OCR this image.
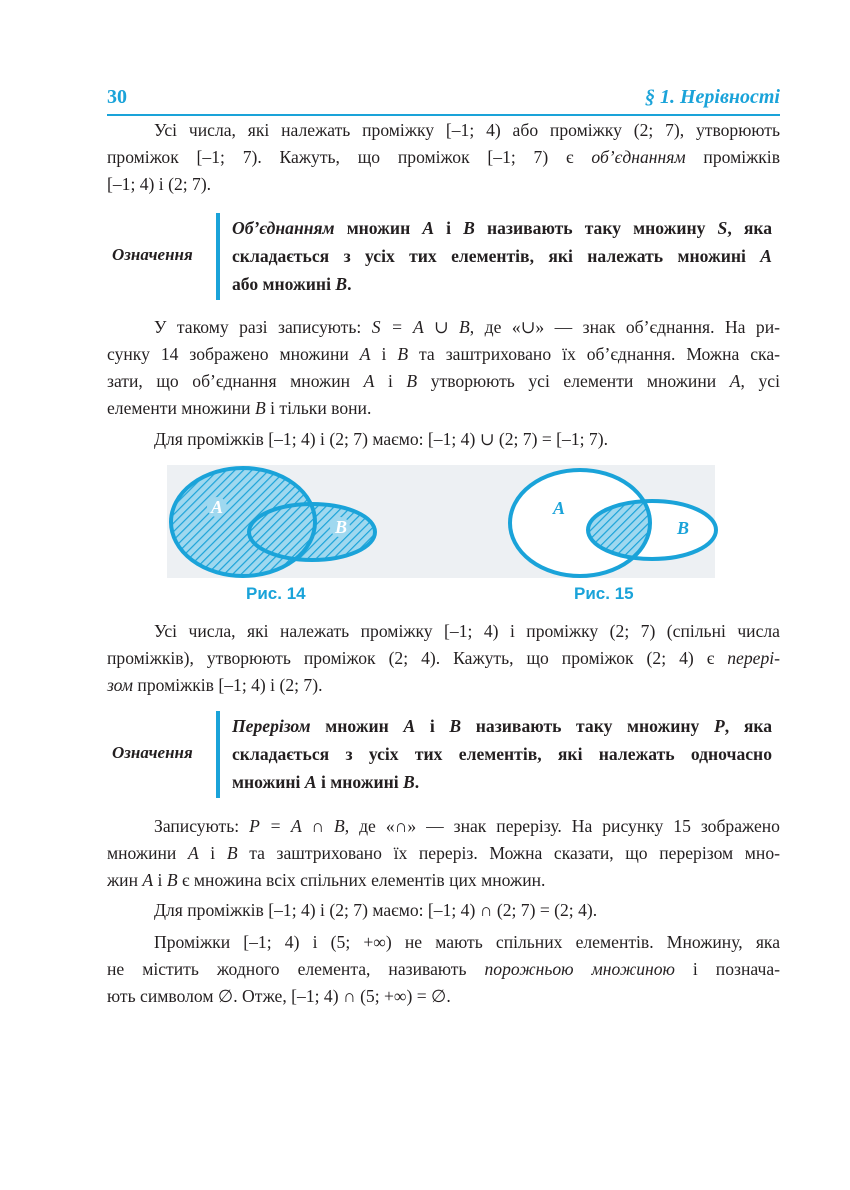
30	§ 1. Нерівності
Усі числа, які належать проміжку [–1; 4) або проміжку (2; 7), утворюють
проміжок [–1; 7). Кажуть, що проміжок [–1; 7) є об’єднанням проміжків
[–1; 4) і (2; 7).
Означення
Об’єднанням множин A і B називають таку множину S, яка
складається з усіх тих елементів, які належать множині A
або множині B.
У такому разі записують: S = A ∪ B, де «∪» — знак об’єднання. На ри-
сунку 14 зображено множини A і B та заштриховано їх об’єднання. Можна ска-
зати, що об’єднання множин A і B утворюють усі елементи множини A, усі
елементи множини B і тільки вони.
Для проміжків [–1; 4) і (2; 7) маємо: [–1; 4) ∪ (2; 7) = [–1; 7).
A
B
A
B
Рис. 14	Рис. 15
Усі числа, які належать проміжку [–1; 4) і проміжку (2; 7) (спільні числа
проміжків), утворюють проміжок (2; 4). Кажуть, що проміжок (2; 4) є перері-
зом проміжків [–1; 4) і (2; 7).
Означення
Перерізом множин A і B називають таку множину P, яка
складається з усіх тих елементів, які належать одночасно
множині A і множині B.
Записують: P = A ∩ B, де «∩» — знак перерізу. На рисунку 15 зображено
множини A і B та заштриховано їх переріз. Можна сказати, що перерізом мно-
жин A і B є множина всіх спільних елементів цих множин.
Для проміжків [–1; 4) і (2; 7) маємо: [–1; 4) ∩ (2; 7) = (2; 4).
Проміжки [–1; 4) і (5; +∞) не мають спільних елементів. Множину, яка
не містить жодного елемента, називають порожньою множиною і познача-
ють символом ∅. Отже, [–1; 4) ∩ (5; +∞) = ∅.
